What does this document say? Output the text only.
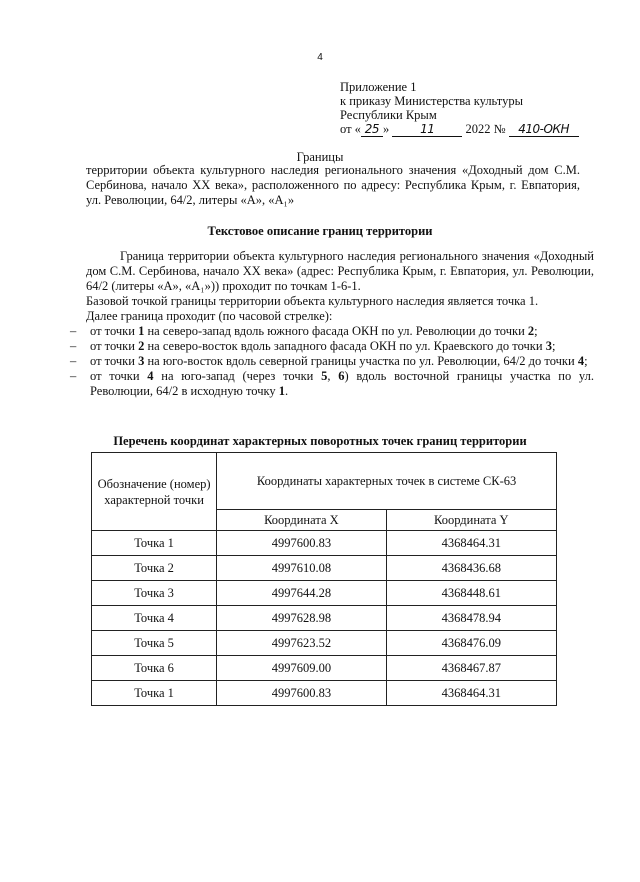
4
Приложение 1
к приказу Министерства культуры
Республики Крым
от « 25 »	11 2022 № 410-ОКН
Границы

территории объекта культурного наследия регионального значения «Доходный дом С.М. Сербинова, начало XX века», расположенного по адресу: Республика Крым, г. Евпатория, ул. Революции, 64/2, литеры «А», «А₁»

Текстовое описание границ территории

Граница территории объекта культурного наследия регионального значения «Доходный дом С.М. Сербинова, начало XX века» (адрес: Республика Крым, г. Евпатория, ул. Революции, 64/2 (литеры «А», «А₁»)) проходит по точкам 1-6-1.

Базовой точкой границы территории объекта культурного наследия является точка 1.

Далее граница проходит (по часовой стрелке):

– от точки 1 на северо-запад вдоль южного фасада ОКН по ул. Революции до точки 2;
– от точки 2 на северо-восток вдоль западного фасада ОКН по ул. Краевского до точки 3;
– от точки 3 на юго-восток вдоль северной границы участка по ул. Революции, 64/2 до точки 4;
– от точки 4 на юго-запад (через точки 5, 6) вдоль восточной границы участка по ул. Революции, 64/2 в исходную точку 1.
Перечень координат характерных поворотных точек границ территории
Обозначение (номер) характерной точки	Координаты характерных точек в системе СК-63	
	Координата X	Координата Y
Точка 1	4997600.83	4368464.31
Точка 2	4997610.08	4368436.68
Точка 3	4997644.28	4368448.61
Точка 4	4997628.98	4368478.94
Точка 5	4997623.52	4368476.09
Точка 6	4997609.00	4368467.87
Точка 1	4997600.83	4368464.31
